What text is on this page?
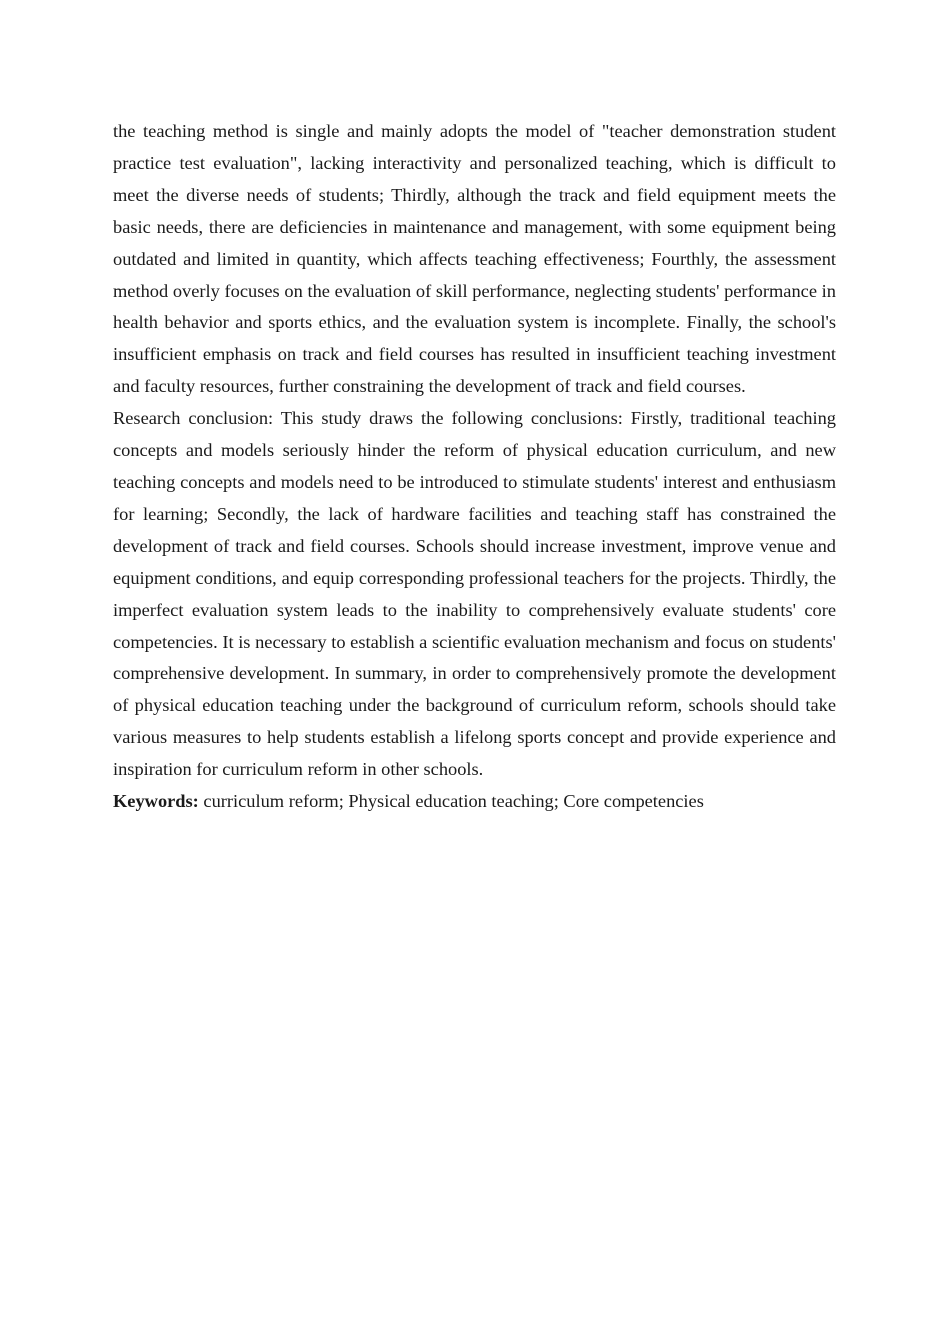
the teaching method is single and mainly adopts the model of "teacher demonstration student practice test evaluation", lacking interactivity and personalized teaching, which is difficult to meet the diverse needs of students; Thirdly, although the track and field equipment meets the basic needs, there are deficiencies in maintenance and management, with some equipment being outdated and limited in quantity, which affects teaching effectiveness; Fourthly, the assessment method overly focuses on the evaluation of skill performance, neglecting students' performance in health behavior and sports ethics, and the evaluation system is incomplete. Finally, the school's insufficient emphasis on track and field courses has resulted in insufficient teaching investment and faculty resources, further constraining the development of track and field courses.

Research conclusion: This study draws the following conclusions: Firstly, traditional teaching concepts and models seriously hinder the reform of physical education curriculum, and new teaching concepts and models need to be introduced to stimulate students' interest and enthusiasm for learning; Secondly, the lack of hardware facilities and teaching staff has constrained the development of track and field courses. Schools should increase investment, improve venue and equipment conditions, and equip corresponding professional teachers for the projects. Thirdly, the imperfect evaluation system leads to the inability to comprehensively evaluate students' core competencies. It is necessary to establish a scientific evaluation mechanism and focus on students' comprehensive development. In summary, in order to comprehensively promote the development of physical education teaching under the background of curriculum reform, schools should take various measures to help students establish a lifelong sports concept and provide experience and inspiration for curriculum reform in other schools.

Keywords: curriculum reform; Physical education teaching; Core competencies
